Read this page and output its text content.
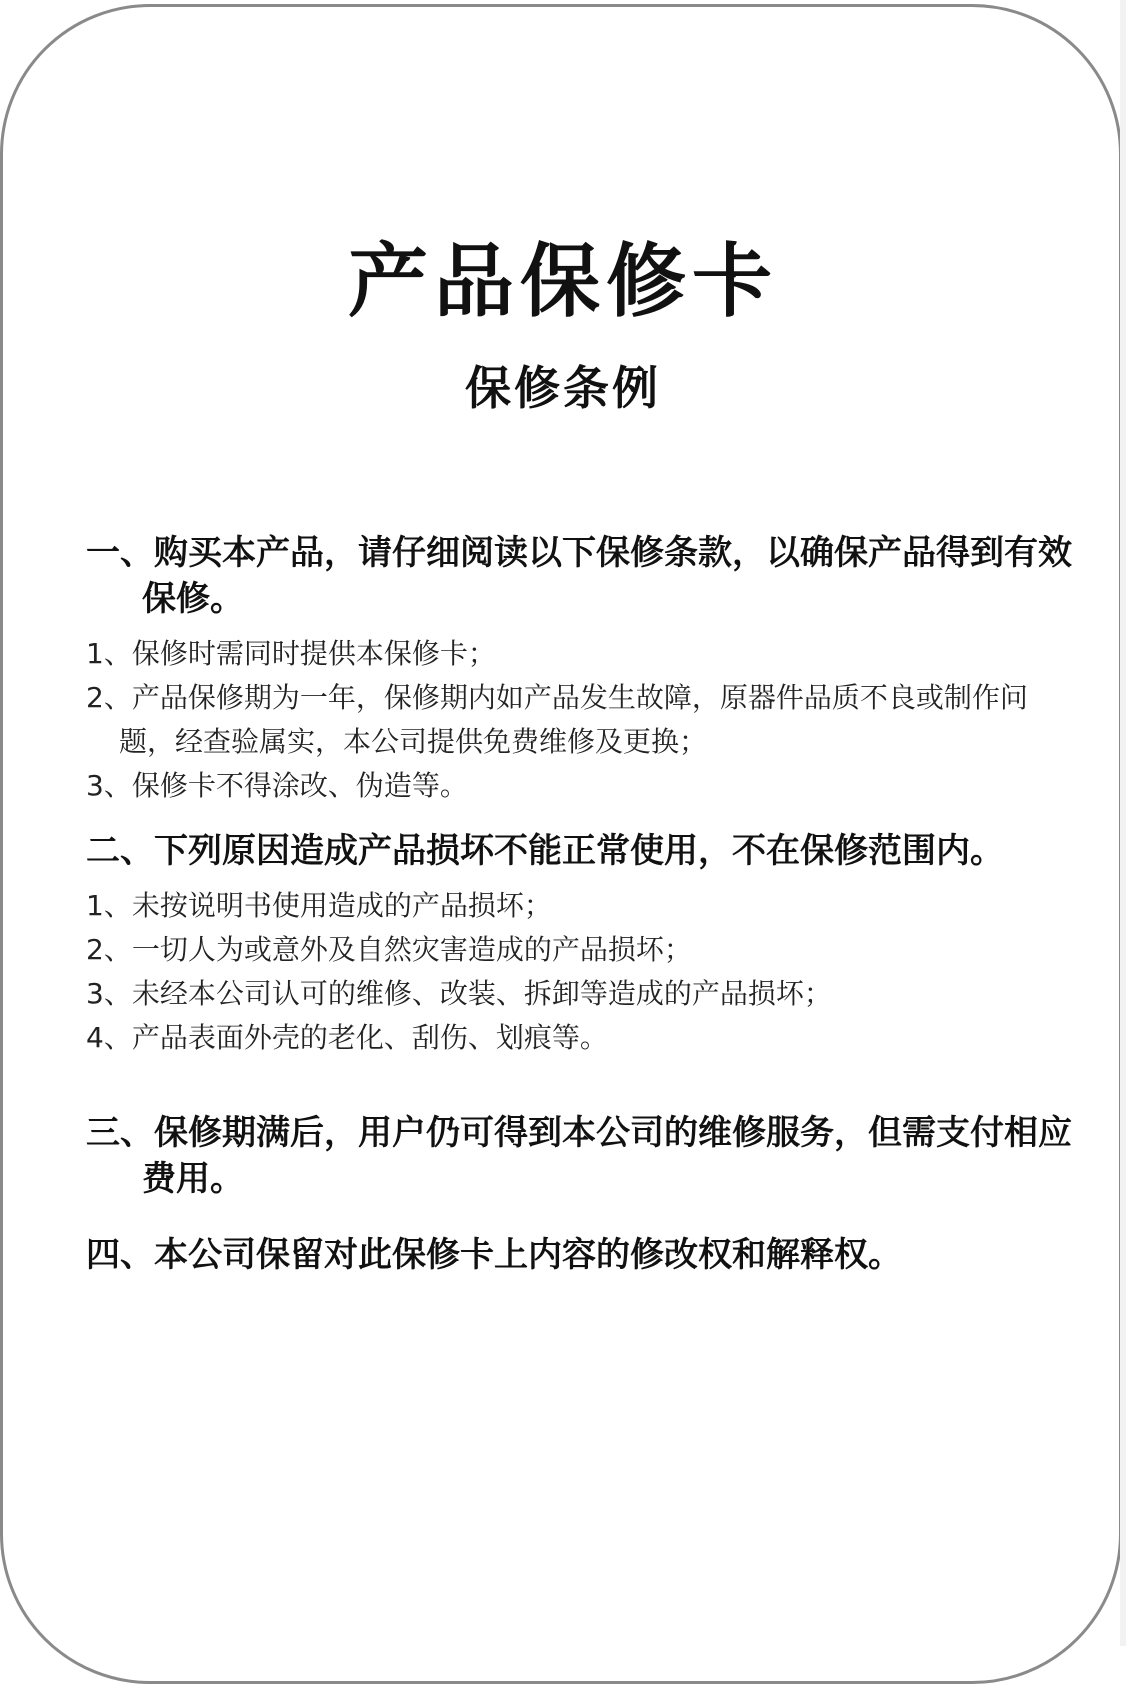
产品保修卡
保修条例
一、购买本产品，请仔细阅读以下保修条款，以确保产品得到有效保修。
1、保修时需同时提供本保修卡；
2、产品保修期为一年，保修期内如产品发生故障，原器件品质不良或制作问题，经查验属实，本公司提供免费维修及更换；
3、保修卡不得涂改、伪造等。
二、下列原因造成产品损坏不能正常使用，不在保修范围内。
1、未按说明书使用造成的产品损坏；
2、一切人为或意外及自然灾害造成的产品损坏；
3、未经本公司认可的维修、改装、拆卸等造成的产品损坏；
4、产品表面外壳的老化、刮伤、划痕等。
三、保修期满后，用户仍可得到本公司的维修服务，但需支付相应费用。
四、本公司保留对此保修卡上内容的修改权和解释权。
